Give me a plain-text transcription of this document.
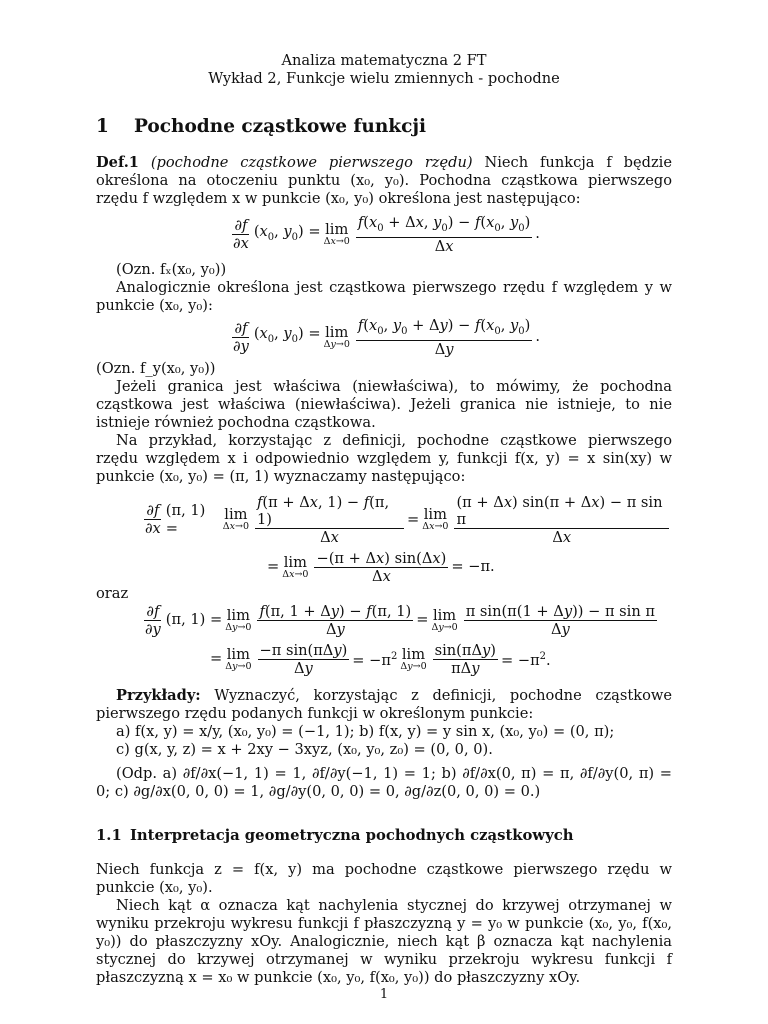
Analiza matematyczna 2 FT
Wykład 2, Funkcje wielu zmiennych - pochodne
1 Pochodne cząstkowe funkcji

Def.1 (pochodne cząstkowe pierwszego rzędu) Niech funkcja f będzie określona na otoczeniu punktu (x₀, y₀). Pochodna cząstkowa pierwszego rzędu f względem x w punkcie (x₀, y₀) określona jest następująco:

$\frac{\partial f}{\partial x} (x_0$, $y_0) = \lim$
$\Delta x\to 0 \frac{f(x_0 + \Delta x, y_0) - f(x_0, y_0)}{\Delta x}$ .

(Ozn. fₓ(x₀, y₀))

Analogicznie określona jest cząstkowa pierwszego rzędu f względem y w punkcie (x₀, y₀):

$\frac{\partial f}{\partial y} (x_0$, $y_0) = \lim$
$\Delta y\to 0 \frac{f(x_0, y_0 + \Delta y) - f(x_0, y_0)}{\Delta y}$ .

(Ozn. f_y(x₀, y₀))

Jeżeli granica jest właściwa (niewłaściwa), to mówimy, że pochodna cząstkowa jest właściwa (niewłaściwa). Jeżeli granica nie istnieje, to nie istnieje również pochodna cząstkowa.

Na przykład, korzystając z definicji, pochodne cząstkowe pierwszego rzędu względem x i odpowiednio względem y, funkcji f(x, y) = x sin(xy) w punkcie (x₀, y₀) = (π, 1) wyznaczamy następująco:

$\frac{\partial f}{\partial x} (\pi$, 1) =
lim
$\Delta x\to 0 \frac{f(\pi + \Delta x, 1) - f(\pi, 1)}{\Delta x} = \lim$
$\Delta x\to 0 \frac{\text{(π + Δx) sin(π + Δx) − π sin π}}{\Delta x}$
= lim
$\Delta x\to 0 \frac{-(\pi + \Delta x) \sin(\Delta x)}{\Delta x} = -\pi$.

oraz

$\frac{\partial f}{\partial y} (\pi$, 1) = lim
$\Delta y\to 0 \frac{f(\pi, 1 + \Delta y) - f(\pi, 1)}{\Delta y} = \lim$
$\Delta y\to 0 \frac{\text{π sin(π(1 + Δy)) − π sin π}}{\Delta y}$
= lim
$\Delta y\to 0 \frac{\text{−π sin(πΔy)}}{\Delta y} = -\pi^2$ lim
$\Delta y\to 0 \frac{\text{sin(πΔy)}}{\text{πΔy}} = -\pi^2$.

Przykłady: Wyznaczyć, korzystając z definicji, pochodne cząstkowe pierwszego rzędu podanych funkcji w określonym punkcie:

a) f(x, y) = x/y, (x₀, y₀) = (−1, 1); b) f(x, y) = y sin x, (x₀, y₀) = (0, π);

c) g(x, y, z) = x + 2xy − 3xyz, (x₀, y₀, z₀) = (0, 0, 0).

(Odp. a) ∂f/∂x(−1, 1) = 1, ∂f/∂y(−1, 1) = 1; b) ∂f/∂x(0, π) = π, ∂f/∂y(0, π) = 0; c) ∂g/∂x(0, 0, 0) = 1, ∂g/∂y(0, 0, 0) = 0, ∂g/∂z(0, 0, 0) = 0.)

1.1 Interpretacja geometryczna pochodnych cząstkowych

Niech funkcja z = f(x, y) ma pochodne cząstkowe pierwszego rzędu w punkcie (x₀, y₀).

Niech kąt α oznacza kąt nachylenia stycznej do krzywej otrzymanej w wyniku przekroju wykresu funkcji f płaszczyzną y = y₀ w punkcie (x₀, y₀, f(x₀, y₀)) do płaszczyzny xOy. Analogicznie, niech kąt β oznacza kąt nachylenia stycznej do krzywej otrzymanej w wyniku przekroju wykresu funkcji f płaszczyzną x = x₀ w punkcie (x₀, y₀, f(x₀, y₀)) do płaszczyzny xOy.

1
